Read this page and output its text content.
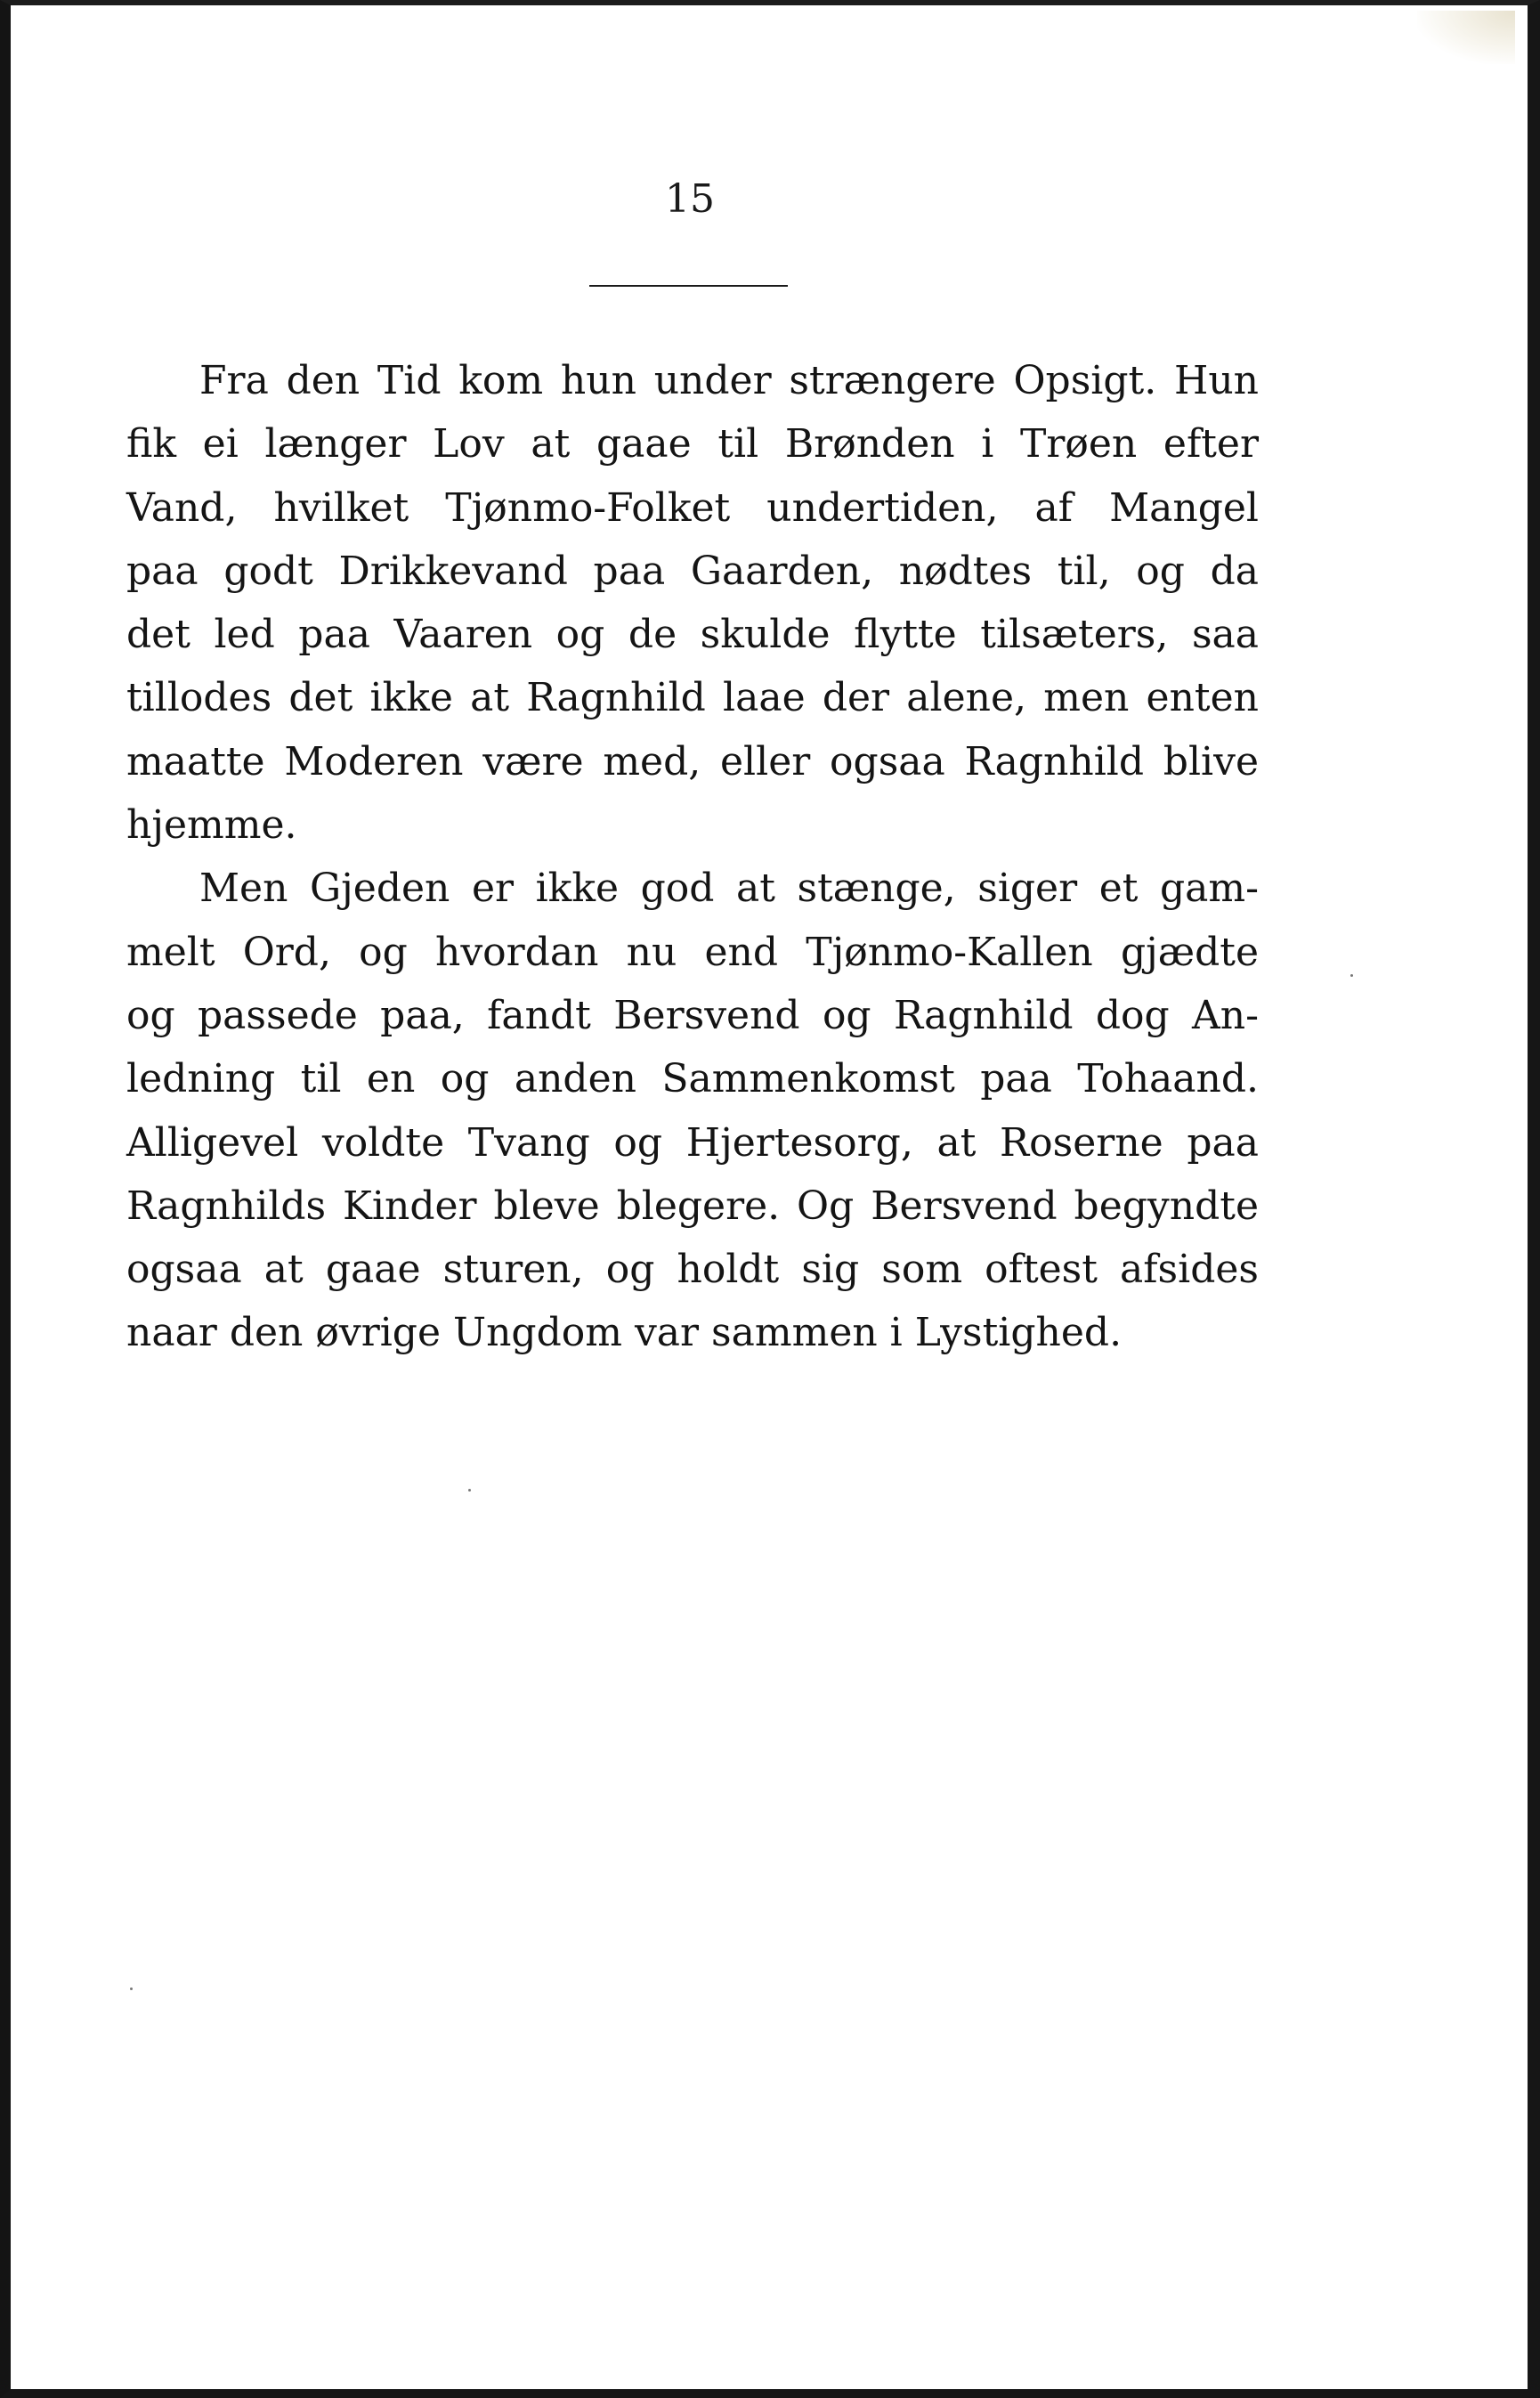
15

Fra den Tid kom hun under strængere Opsigt. Hun
fik ei længer Lov at gaae til Brønden i Trøen efter
Vand, hvilket Tjønmo-Folket undertiden, af Mangel
paa godt Drikkevand paa Gaarden, nødtes til, og da
det led paa Vaaren og de skulde flytte tilsæters, saa
tillodes det ikke at Ragnhild laae der alene, men enten
maatte Moderen være med, eller ogsaa Ragnhild blive
hjemme.
Men Gjeden er ikke god at stænge, siger et gam-
melt Ord, og hvordan nu end Tjønmo-Kallen gjædte
og passede paa, fandt Bersvend og Ragnhild dog An-
ledning til en og anden Sammenkomst paa Tohaand.
Alligevel voldte Tvang og Hjertesorg, at Roserne paa
Ragnhilds Kinder bleve blegere. Og Bersvend begyndte
ogsaa at gaae sturen, og holdt sig som oftest afsides
naar den øvrige Ungdom var sammen i Lystighed.
